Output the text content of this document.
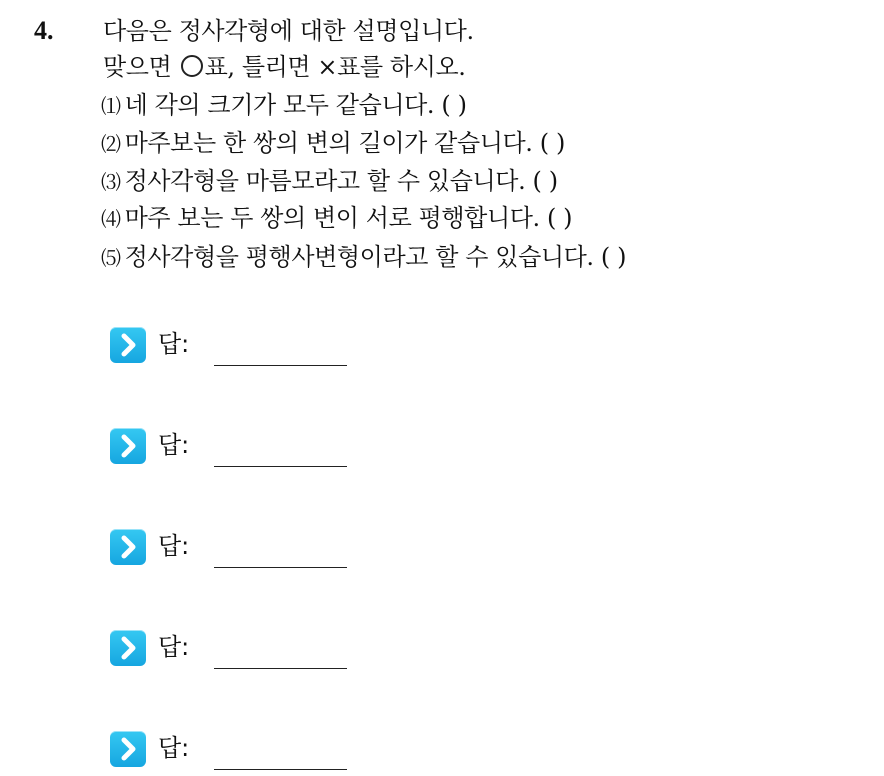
4. 다음은 정사각형에 대한 설명입니다.
맞으면 ○ 표, 틀리면 ×표를 하시오.
⑴ 네 각의 크기가 모두 같습니다. ( )
⑵ 마주보는 한 쌍의 변의 길이가 같습니다. ( )
⑶ 정사각형을 마름모라고 할 수 있습니다. ( )
⑷ 마주 보는 두 쌍의 변이 서로 평행합니다. ( )
⑸ 정사각형을 평행사변형이라고 할 수 있습니다. ( )
답:
답:
답:
답:
답:
